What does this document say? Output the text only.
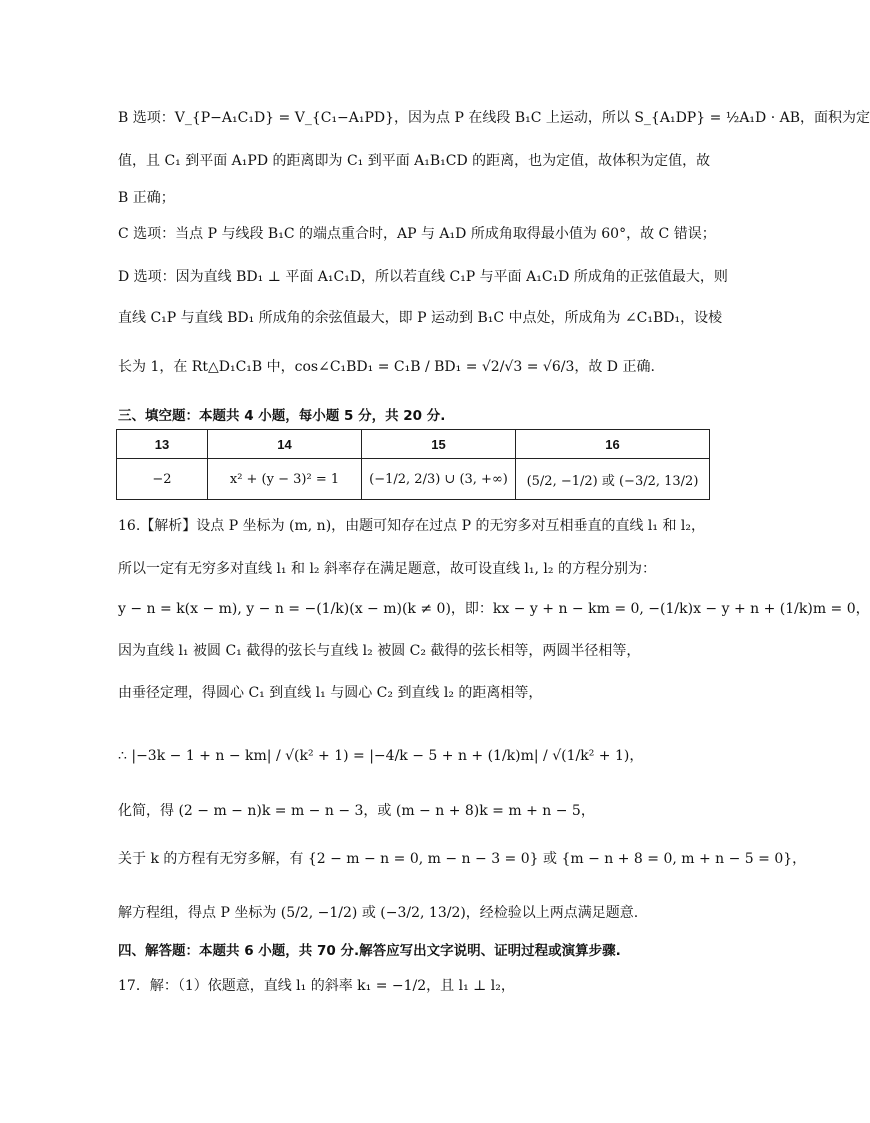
B 选项：V_{P−A₁C₁D} = V_{C₁−A₁PD}，因为点 P 在线段 B₁C 上运动，所以 S_{A₁DP} = ½A₁D · AB，面积为定
值，且 C₁ 到平面 A₁PD 的距离即为 C₁ 到平面 A₁B₁CD 的距离，也为定值，故体积为定值，故
B 正确；
C 选项：当点 P 与线段 B₁C 的端点重合时，AP 与 A₁D 所成角取得最小值为 60°，故 C 错误；
D 选项：因为直线 BD₁ ⊥ 平面 A₁C₁D，所以若直线 C₁P 与平面 A₁C₁D 所成角的正弦值最大，则
直线 C₁P 与直线 BD₁ 所成角的余弦值最大，即 P 运动到 B₁C 中点处，所成角为 ∠C₁BD₁，设棱
长为 1，在 Rt△D₁C₁B 中，cos∠C₁BD₁ = C₁B / BD₁ = √2/√3 = √6/3，故 D 正确.
三、填空题：本题共 4 小题，每小题 5 分，共 20 分.
13	14	15	16
−2	x² + (y − 3)² = 1	(−1/2, 2/3) ∪ (3, +∞)	(5/2, −1/2) 或 (−3/2, 13/2)
16.【解析】设点 P 坐标为 (m, n)，由题可知存在过点 P 的无穷多对互相垂直的直线 l₁ 和 l₂，
所以一定有无穷多对直线 l₁ 和 l₂ 斜率存在满足题意，故可设直线 l₁, l₂ 的方程分别为：
y − n = k(x − m), y − n = −(1/k)(x − m)(k ≠ 0)，即：kx − y + n − km = 0, −(1/k)x − y + n + (1/k)m = 0，
因为直线 l₁ 被圆 C₁ 截得的弦长与直线 l₂ 被圆 C₂ 截得的弦长相等，两圆半径相等，
由垂径定理，得圆心 C₁ 到直线 l₁ 与圆心 C₂ 到直线 l₂ 的距离相等，
∴ |−3k − 1 + n − km| / √(k² + 1) = |−4/k − 5 + n + (1/k)m| / √(1/k² + 1)，
化简，得 (2 − m − n)k = m − n − 3，或 (m − n + 8)k = m + n − 5，
关于 k 的方程有无穷多解，有 {2 − m − n = 0, m − n − 3 = 0} 或 {m − n + 8 = 0, m + n − 5 = 0}，
解方程组，得点 P 坐标为 (5/2, −1/2) 或 (−3/2, 13/2)，经检验以上两点满足题意.
四、解答题：本题共 6 小题，共 70 分.解答应写出文字说明、证明过程或演算步骤.
17．解：（1）依题意，直线 l₁ 的斜率 k₁ = −1/2，且 l₁ ⊥ l₂，
